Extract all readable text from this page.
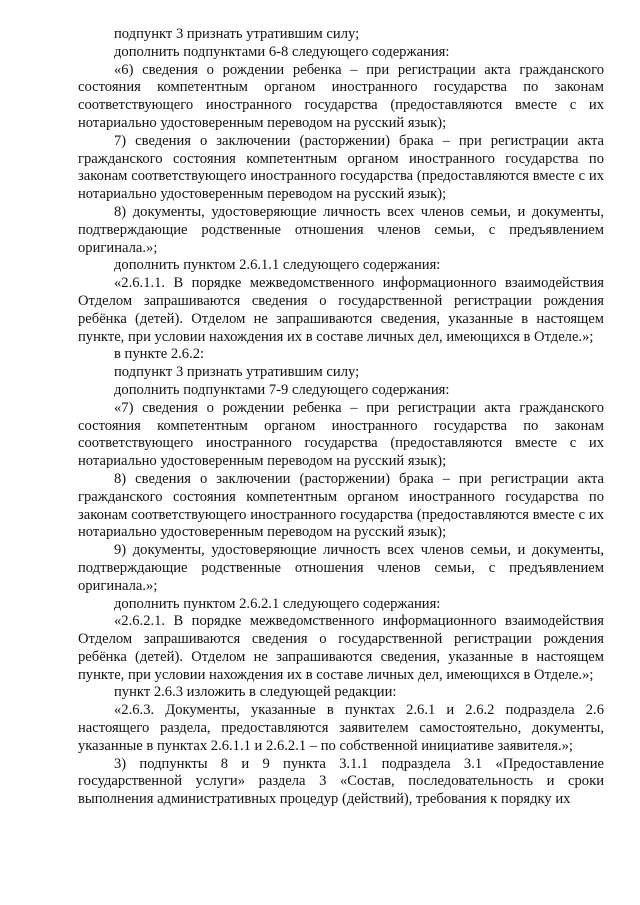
подпункт 3 признать утратившим силу;

дополнить подпунктами 6-8 следующего содержания:

«6) сведения о рождении ребенка – при регистрации акта гражданского состояния компетентным органом иностранного государства по законам соответствующего иностранного государства (предоставляются вместе с их нотариально удостоверенным переводом на русский язык);

7) сведения о заключении (расторжении) брака – при регистрации акта гражданского состояния компетентным органом иностранного государства по законам соответствующего иностранного государства (предоставляются вместе с их нотариально удостоверенным переводом на русский язык);

8) документы, удостоверяющие личность всех членов семьи, и документы, подтверждающие родственные отношения членов семьи, с предъявлением оригинала.»;

дополнить пунктом 2.6.1.1 следующего содержания:

«2.6.1.1. В порядке межведомственного информационного взаимодействия Отделом запрашиваются сведения о государственной регистрации рождения ребёнка (детей). Отделом не запрашиваются сведения, указанные в настоящем пункте, при условии нахождения их в составе личных дел, имеющихся в Отделе.»;

в пункте 2.6.2:

подпункт 3 признать утратившим силу;

дополнить подпунктами 7-9 следующего содержания:

«7) сведения о рождении ребенка – при регистрации акта гражданского состояния компетентным органом иностранного государства по законам соответствующего иностранного государства (предоставляются вместе с их нотариально удостоверенным переводом на русский язык);

8) сведения о заключении (расторжении) брака – при регистрации акта гражданского состояния компетентным органом иностранного государства по законам соответствующего иностранного государства (предоставляются вместе с их нотариально удостоверенным переводом на русский язык);

9) документы, удостоверяющие личность всех членов семьи, и документы, подтверждающие родственные отношения членов семьи, с предъявлением оригинала.»;

дополнить пунктом 2.6.2.1 следующего содержания:

«2.6.2.1. В порядке межведомственного информационного взаимодействия Отделом запрашиваются сведения о государственной регистрации рождения ребёнка (детей). Отделом не запрашиваются сведения, указанные в настоящем пункте, при условии нахождения их в составе личных дел, имеющихся в Отделе.»;

пункт 2.6.3 изложить в следующей редакции:

«2.6.3. Документы, указанные в пунктах 2.6.1 и 2.6.2 подраздела 2.6 настоящего раздела, предоставляются заявителем самостоятельно, документы, указанные в пунктах 2.6.1.1 и 2.6.2.1 – по собственной инициативе заявителя.»;

3) подпункты 8 и 9 пункта 3.1.1 подраздела 3.1 «Предоставление государственной услуги» раздела 3 «Состав, последовательность и сроки выполнения административных процедур (действий), требования к порядку их
